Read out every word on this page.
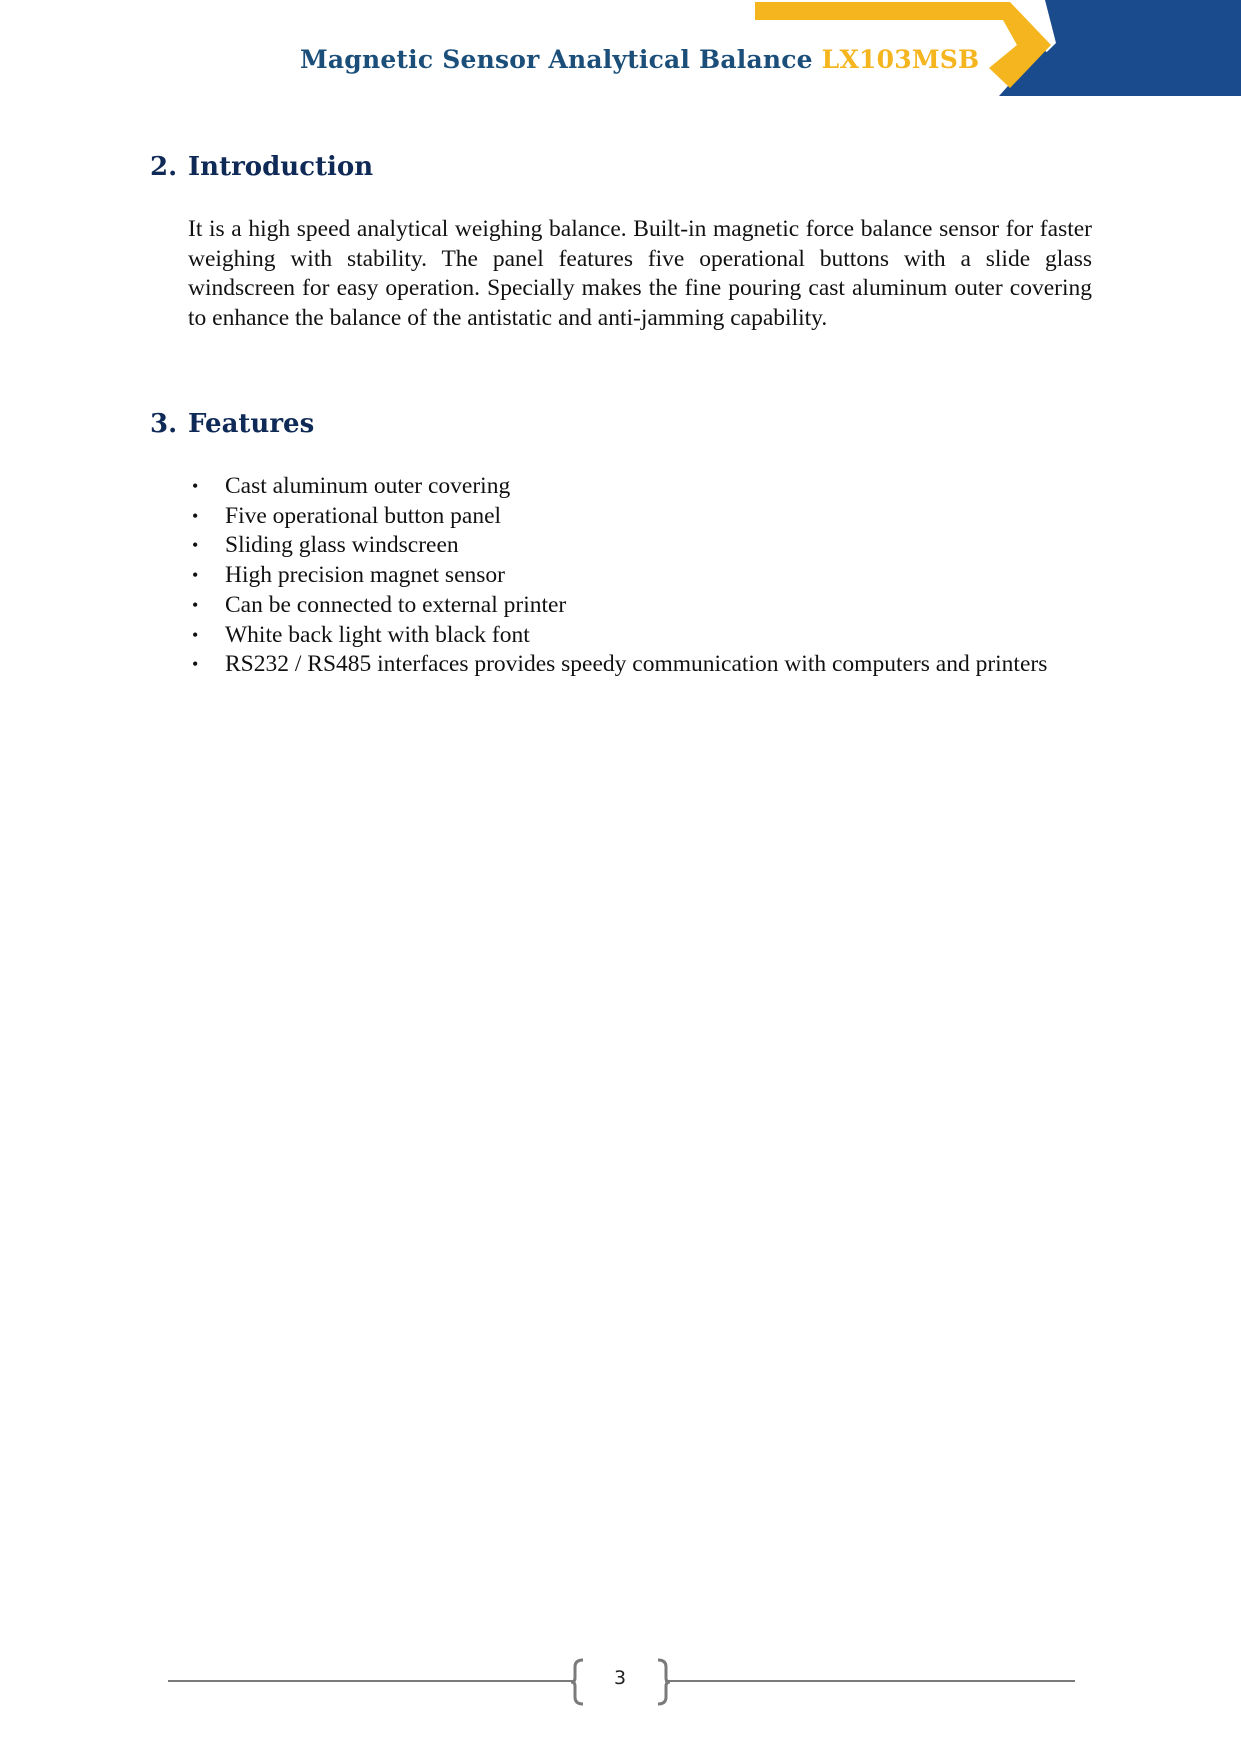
Magnetic Sensor Analytical Balance LX103MSB
2. Introduction

It is a high speed analytical weighing balance. Built-in magnetic force balance sensor for faster weighing with stability. The panel features five operational buttons with a slide glass windscreen for easy operation. Specially makes the fine pouring cast aluminum outer covering to enhance the balance of the antistatic and anti-jamming capability.

3. Features
• Cast aluminum outer covering
• Five operational button panel
• Sliding glass windscreen
• High precision magnet sensor
• Can be connected to external printer
• White back light with black font
• RS232 / RS485 interfaces provides speedy communication with computers and printers
3
